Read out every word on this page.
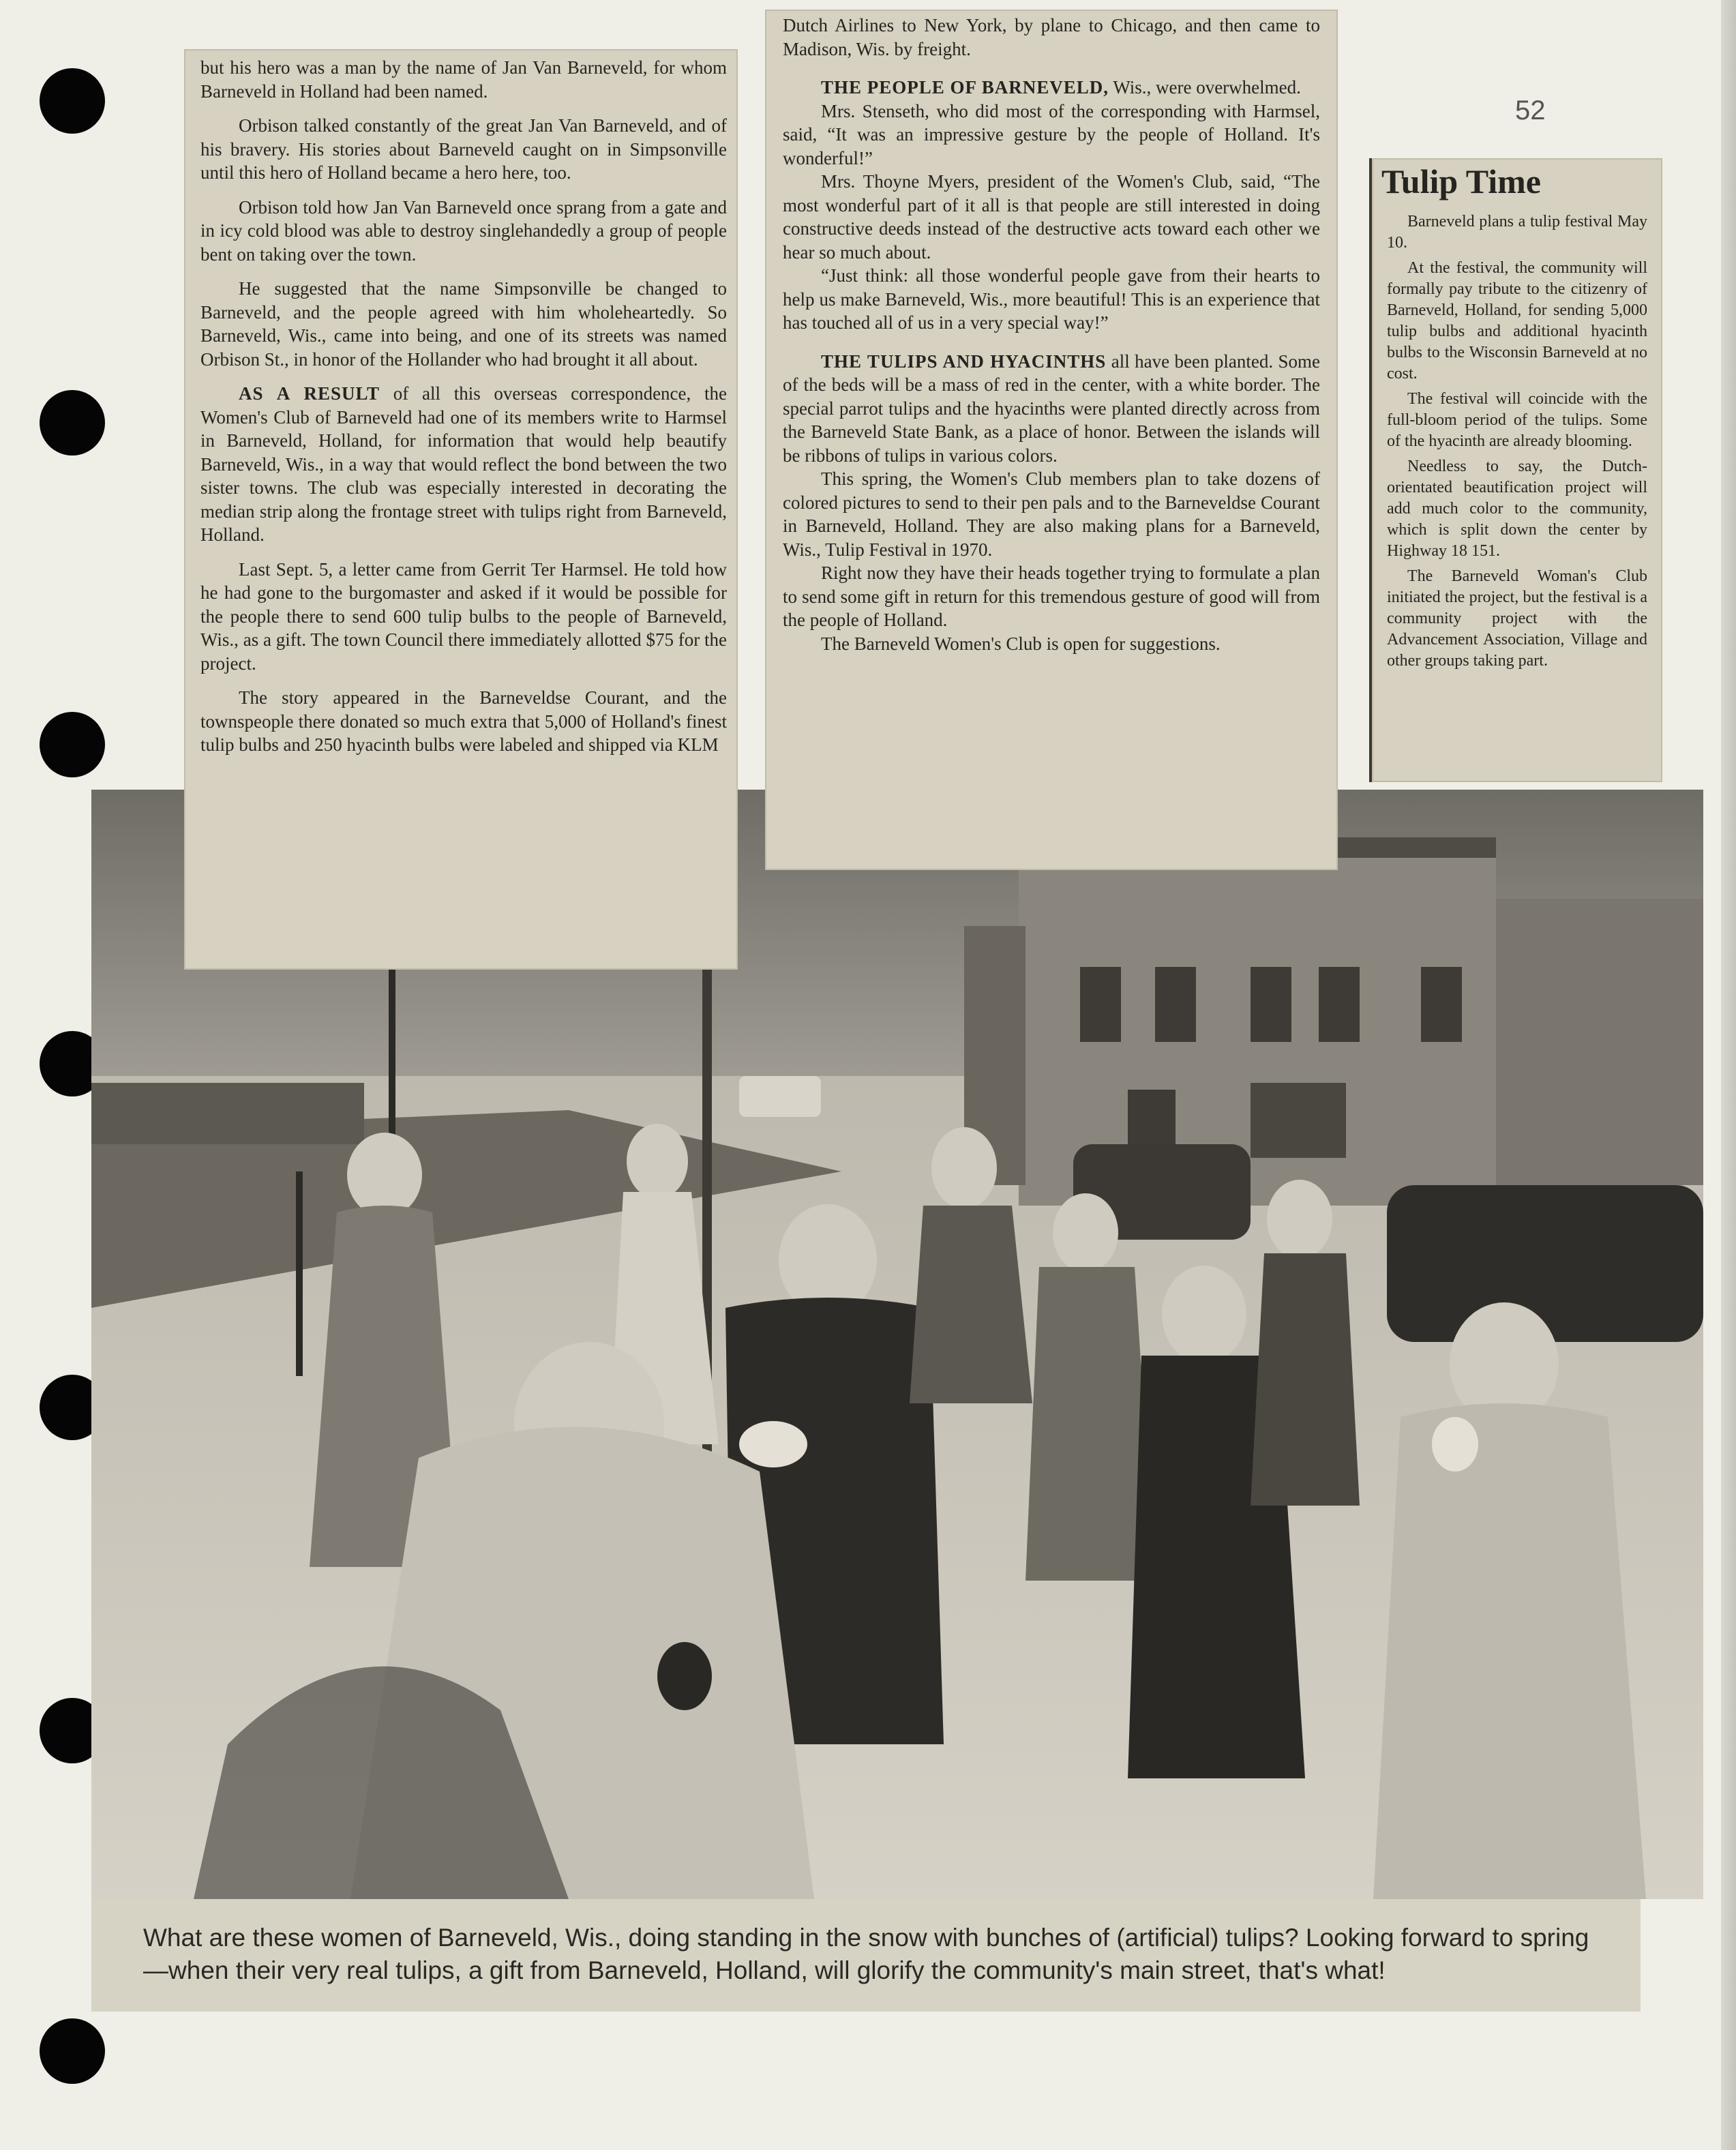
52

but his hero was a man by the name of Jan Van Barneveld, for whom Barneveld in Holland had been named.

Orbison talked constantly of the great Jan Van Barneveld, and of his bravery. His stories about Barneveld caught on in Simpsonville until this hero of Holland became a hero here, too.

Orbison told how Jan Van Barneveld once sprang from a gate and in icy cold blood was able to destroy singlehandedly a group of people bent on taking over the town.

He suggested that the name Simpsonville be changed to Barneveld, and the people agreed with him wholeheartedly. So Barneveld, Wis., came into being, and one of its streets was named Orbison St., in honor of the Hollander who had brought it all about.

AS A RESULT of all this overseas correspondence, the Women's Club of Barneveld had one of its members write to Harmsel in Barneveld, Holland, for information that would help beautify Barneveld, Wis., in a way that would reflect the bond between the two sister towns. The club was especially interested in decorating the median strip along the frontage street with tulips right from Barneveld, Holland.

Last Sept. 5, a letter came from Gerrit Ter Harmsel. He told how he had gone to the burgomaster and asked if it would be possible for the people there to send 600 tulip bulbs to the people of Barneveld, Wis., as a gift. The town Council there immediately allotted $75 for the project.

The story appeared in the Barneveldse Courant, and the townspeople there donated so much extra that 5,000 of Holland's finest tulip bulbs and 250 hyacinth bulbs were labeled and shipped via KLM

Dutch Airlines to New York, by plane to Chicago, and then came to Madison, Wis. by freight.

THE PEOPLE OF BARNEVELD, Wis., were overwhelmed.

Mrs. Stenseth, who did most of the corresponding with Harmsel, said, “It was an impressive gesture by the people of Holland. It's wonderful!”

Mrs. Thoyne Myers, president of the Women's Club, said, “The most wonderful part of it all is that people are still interested in doing constructive deeds instead of the destructive acts toward each other we hear so much about.

“Just think: all those wonderful people gave from their hearts to help us make Barneveld, Wis., more beautiful! This is an experience that has touched all of us in a very special way!”

THE TULIPS AND HYACINTHS all have been planted. Some of the beds will be a mass of red in the center, with a white border. The special parrot tulips and the hyacinths were planted directly across from the Barneveld State Bank, as a place of honor. Between the islands will be ribbons of tulips in various colors.

This spring, the Women's Club members plan to take dozens of colored pictures to send to their pen pals and to the Barneveldse Courant in Barneveld, Holland. They are also making plans for a Barneveld, Wis., Tulip Festival in 1970.

Right now they have their heads together trying to formulate a plan to send some gift in return for this tremendous gesture of good will from the people of Holland.

The Barneveld Women's Club is open for suggestions.

Tulip Time

Barneveld plans a tulip festival May 10.

At the festival, the community will formally pay tribute to the citizenry of Barneveld, Holland, for sending 5,000 tulip bulbs and additional hyacinth bulbs to the Wisconsin Barneveld at no cost.

The festival will coincide with the full-bloom period of the tulips. Some of the hyacinth are already blooming.

Needless to say, the Dutch-orientated beautification project will add much color to the community, which is split down the center by Highway 18 151.

The Barneveld Woman's Club initiated the project, but the festival is a community project with the Advancement Association, Village and other groups taking part.

What are these women of Barneveld, Wis., doing standing in the snow with bunches of (artificial) tulips? Looking forward to spring—when their very real tulips, a gift from Barneveld, Holland, will glorify the community's main street, that's what!
